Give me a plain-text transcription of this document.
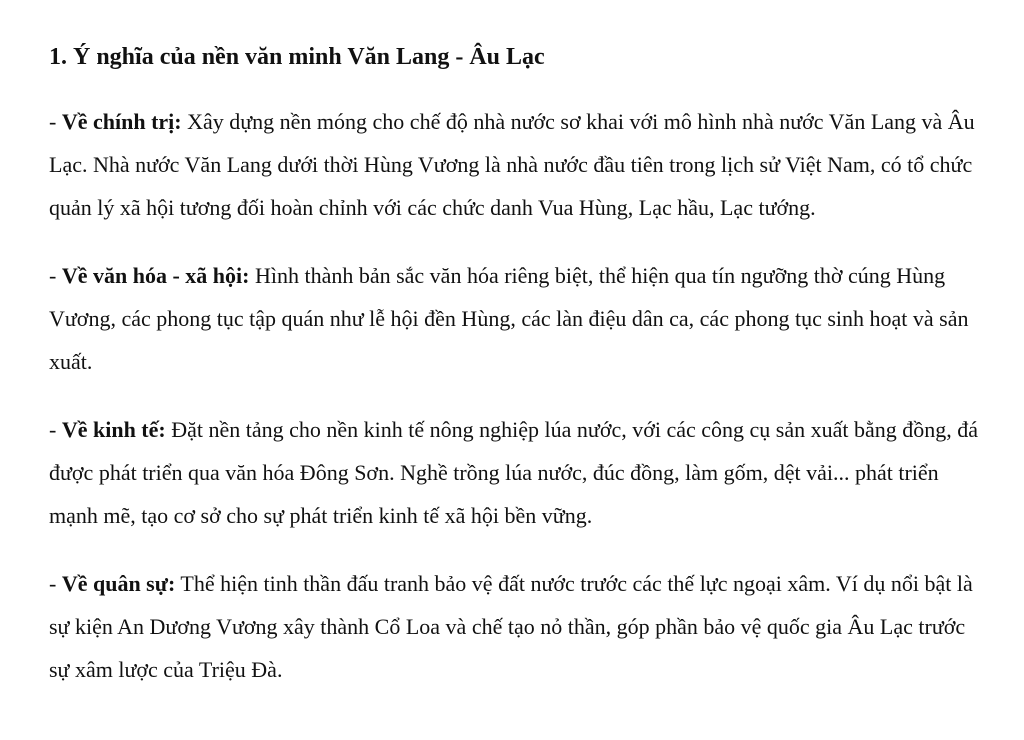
1. Ý nghĩa của nền văn minh Văn Lang - Âu Lạc

- Về chính trị: Xây dựng nền móng cho chế độ nhà nước sơ khai với mô hình nhà nước Văn Lang và Âu Lạc. Nhà nước Văn Lang dưới thời Hùng Vương là nhà nước đầu tiên trong lịch sử Việt Nam, có tổ chức quản lý xã hội tương đối hoàn chỉnh với các chức danh Vua Hùng, Lạc hầu, Lạc tướng.

- Về văn hóa - xã hội: Hình thành bản sắc văn hóa riêng biệt, thể hiện qua tín ngưỡng thờ cúng Hùng Vương, các phong tục tập quán như lễ hội đền Hùng, các làn điệu dân ca, các phong tục sinh hoạt và sản xuất.

- Về kinh tế: Đặt nền tảng cho nền kinh tế nông nghiệp lúa nước, với các công cụ sản xuất bằng đồng, đá được phát triển qua văn hóa Đông Sơn. Nghề trồng lúa nước, đúc đồng, làm gốm, dệt vải... phát triển mạnh mẽ, tạo cơ sở cho sự phát triển kinh tế xã hội bền vững.

- Về quân sự: Thể hiện tinh thần đấu tranh bảo vệ đất nước trước các thế lực ngoại xâm. Ví dụ nổi bật là sự kiện An Dương Vương xây thành Cổ Loa và chế tạo nỏ thần, góp phần bảo vệ quốc gia Âu Lạc trước sự xâm lược của Triệu Đà.
